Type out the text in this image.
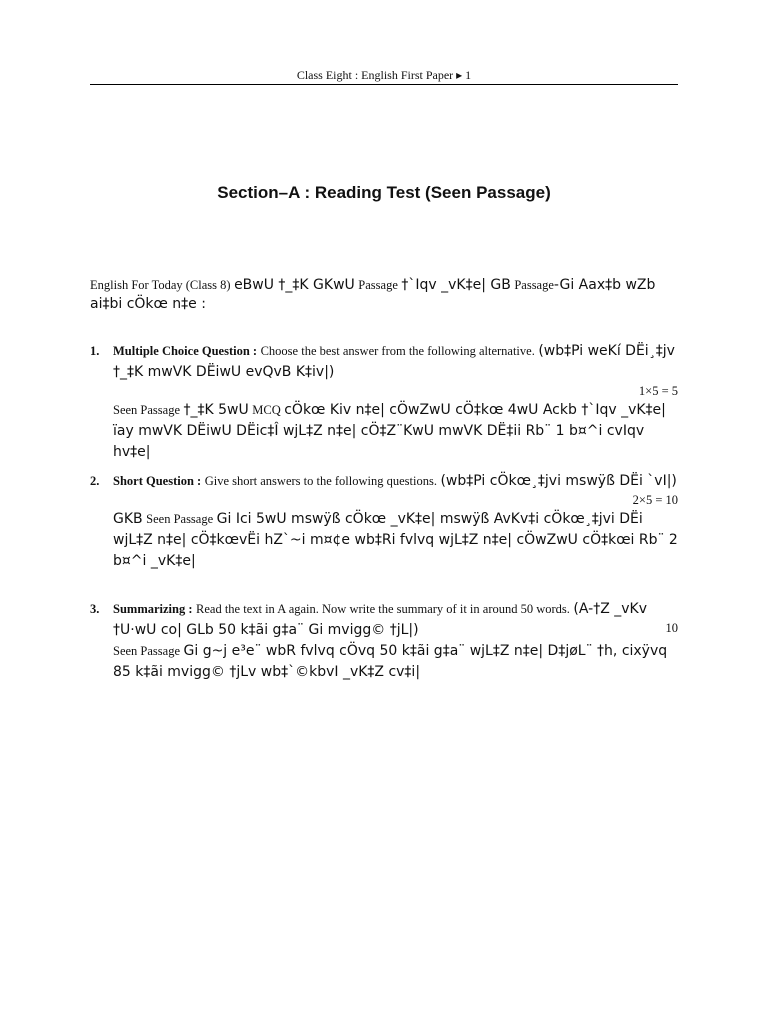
Class Eight : English First Paper ▸ 1
Section–A : Reading Test (Seen Passage)
English For Today (Class 8) eBwU †_‡K GKwU Passage †`Iqv _vK‡e| GB Passage-Gi Aax‡b wZb ai‡bi cÖkœ n‡e :
1. Multiple Choice Question : Choose the best answer from the following alternative. (wb‡Pi weKí DËi¸‡jv †_‡K mwVK DËiwU evQvB K‡iv|)
1×5 = 5
Seen Passage †_‡K 5wU MCQ cÖkœ Kiv n‡e| cÖwZwU cÖ‡kœ 4wU Ackb †`Iqv _vK‡e| ïay mwVK DËiwU DËic‡Î wjL‡Z n‡e| cÖ‡Z¨KwU mwVK DË‡ii Rb¨ 1 b¤^i cvIqv hv‡e|
2. Short Question : Give short answers to the following questions. (wb‡Pi cÖkœ¸‡jvi mswÿß DËi `vI|)
2×5 = 10
GKB Seen Passage Gi Ici 5wU mswÿß cÖkœ _vK‡e| mswÿß AvKv‡i cÖkœ¸‡jvi DËi wjL‡Z n‡e| cÖ‡kœvËi hZ`~i m¤¢e wb‡Ri fvlvq wjL‡Z n‡e| cÖwZwU cÖ‡kœi Rb¨ 2 b¤^i _vK‡e|
3.
10
Summarizing : Read the text in A again. Now write the summary of it in around 50 words. (A-†Z _vKv †U·wU co| GLb 50 k‡ãi g‡a¨ Gi mvigg© †jL|)
Seen Passage Gi g~j e³e¨ wbR fvlvq cÖvq 50 k‡ãi g‡a¨ wjL‡Z n‡e| D‡jøL¨ †h, cixÿvq 85 k‡ãi mvigg© †jLv wb‡`©kbvI _vK‡Z cv‡i|
